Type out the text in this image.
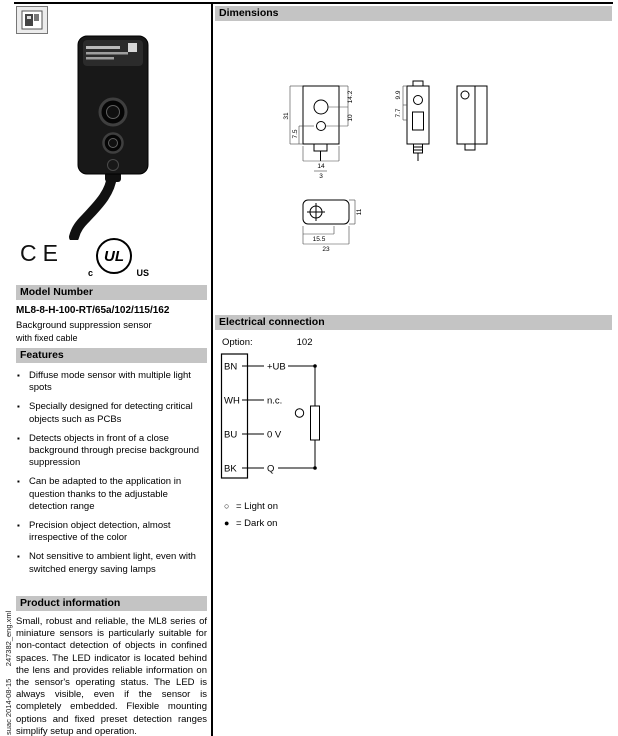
CE
c
UL
US
Model Number
ML8-8-H-100-RT/65a/102/115/162
Background suppression sensor
with fixed cable
Features
▪ Diffuse mode sensor with multiple light spots
▪ Specially designed for detecting critical objects such as PCBs
▪ Detects objects in front of a close background through precise background suppression
▪ Can be adapted to the application in question thanks to the adjustable detection range
▪ Precision object detection, almost irrespective of the color
▪ Not sensitive to ambient light, even with switched energy saving lamps
Product information

Small, robust and reliable, the ML8 series of miniature sensors is particularly suitable for non-contact detection of objects in confined spaces. The LED indicator is located behind the lens and provides reliable information on the sensor's operating status. The LED is always visible, even if the sensor is completely embedded. Flexible mounting options and fixed preset detection ranges simplify setup and operation.

suac 2014-08-15      247382_eng.xml
Dimensions
31
7.5
14.2
10
9.9
7.7
14
3
15.5
23
11
Electrical connection
Option:	102
BN
WH
BU
BK
+UB
n.c.
0 V
Q
○ = Light on
● = Dark on
